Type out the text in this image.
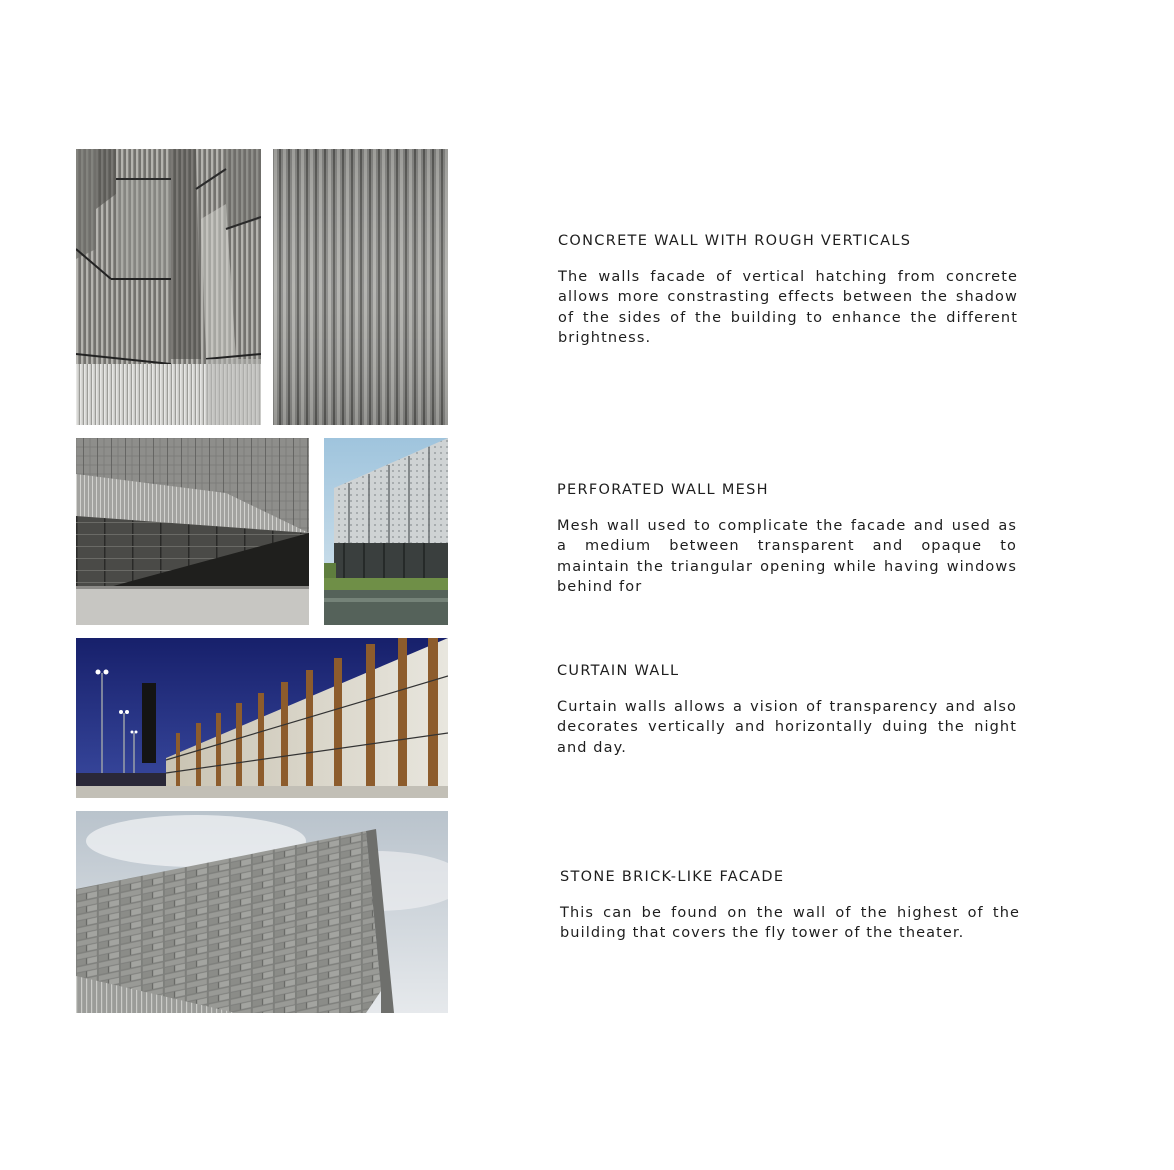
CONCRETE WALL WITH ROUGH VERTICALS

The walls facade of vertical hatching from concrete allows more constrasting effects between the shadow of the sides of the building to enhance the different brightness.

PERFORATED WALL MESH

Mesh wall used to complicate the facade and used as a medium between transparent and opaque to maintain the triangular opening while having windows behind for

CURTAIN WALL

Curtain walls allows a vision of transparency and also decorates vertically and horizontally duing the night and day.

STONE BRICK-LIKE FACADE

This can be found on the wall of the highest of the building that covers the fly tower of the theater.
